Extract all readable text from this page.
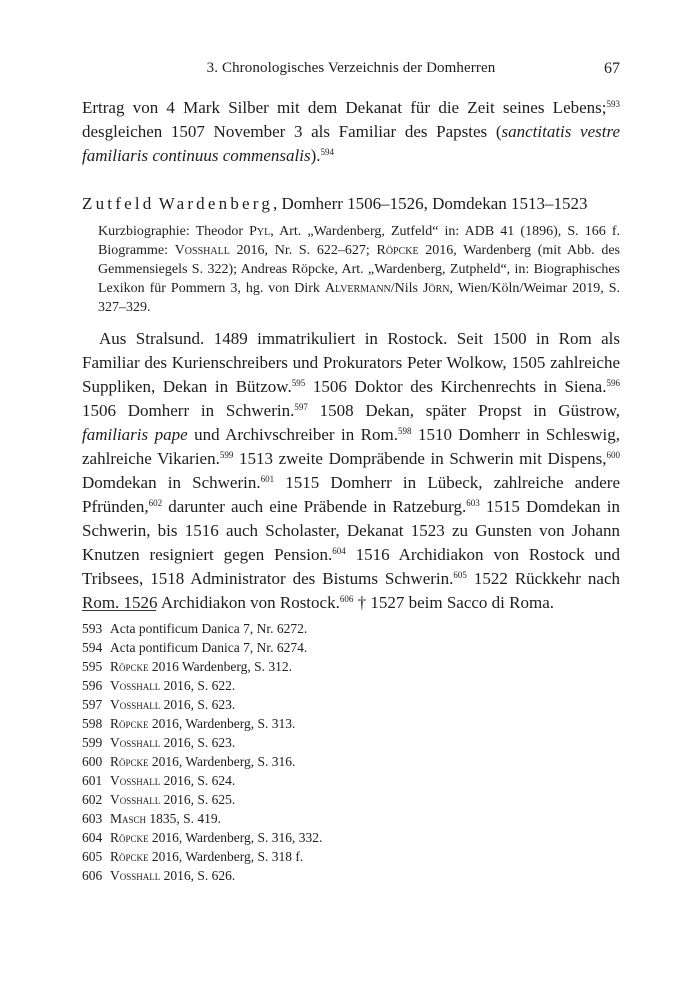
3. Chronologisches Verzeichnis der Domherren	67

Ertrag von 4 Mark Silber mit dem Dekanat für die Zeit seines Lebens;$^{593}$ desgleichen 1507 November 3 als Familiar des Papstes (sanctitatis vestre familiaris continuus commensalis).$^{594}$

Zutfeld Wardenberg, Domherr 1506–1526, Domdekan 1513–1523

Kurzbiographie: Theodor Pyl, Art. „Wardenberg, Zutfeld“ in: ADB 41 (1896), S. 166 f. Biogramme: Vosshall 2016, Nr. S. 622–627; Röpcke 2016, Wardenberg (mit Abb. des Gemmensiegels S. 322); Andreas Röpcke, Art. „Wardenberg, Zutpheld“, in: Biographisches Lexikon für Pommern 3, hg. von Dirk Alvermann/Nils Jörn, Wien/Köln/Weimar 2019, S. 327–329.

Aus Stralsund. 1489 immatrikuliert in Rostock. Seit 1500 in Rom als Familiar des Kurienschreibers und Prokurators Peter Wolkow, 1505 zahlreiche Suppliken, Dekan in Bützow.$^{595}$ 1506 Doktor des Kirchenrechts in Siena.$^{596}$ 1506 Domherr in Schwerin.$^{597}$ 1508 Dekan, später Propst in Güstrow, familiaris pape und Archivschreiber in Rom.$^{598}$ 1510 Domherr in Schleswig, zahlreiche Vikarien.$^{599}$ 1513 zweite Dompräbende in Schwerin mit Dispens,$^{600}$ Domdekan in Schwerin.$^{601}$ 1515 Domherr in Lübeck, zahlreiche andere Pfründen,$^{602}$ darunter auch eine Präbende in Ratzeburg.$^{603}$ 1515 Domdekan in Schwerin, bis 1516 auch Scholaster, Dekanat 1523 zu Gunsten von Johann Knutzen resigniert gegen Pension.$^{604}$ 1516 Archidiakon von Rostock und Tribsees, 1518 Administrator des Bistums Schwerin.$^{605}$ 1522 Rückkehr nach Rom. 1526 Archidiakon von Rostock.$^{606}$ † 1527 beim Sacco di Roma.

593 Acta pontificum Danica 7, Nr. 6272.
594 Acta pontificum Danica 7, Nr. 6274.
595 Röpcke 2016 Wardenberg, S. 312.
596 Vosshall 2016, S. 622.
597 Vosshall 2016, S. 623.
598 Röpcke 2016, Wardenberg, S. 313.
599 Vosshall 2016, S. 623.
600 Röpcke 2016, Wardenberg, S. 316.
601 Vosshall 2016, S. 624.
602 Vosshall 2016, S. 625.
603 Masch 1835, S. 419.
604 Röpcke 2016, Wardenberg, S. 316, 332.
605 Röpcke 2016, Wardenberg, S. 318 f.
606 Vosshall 2016, S. 626.
